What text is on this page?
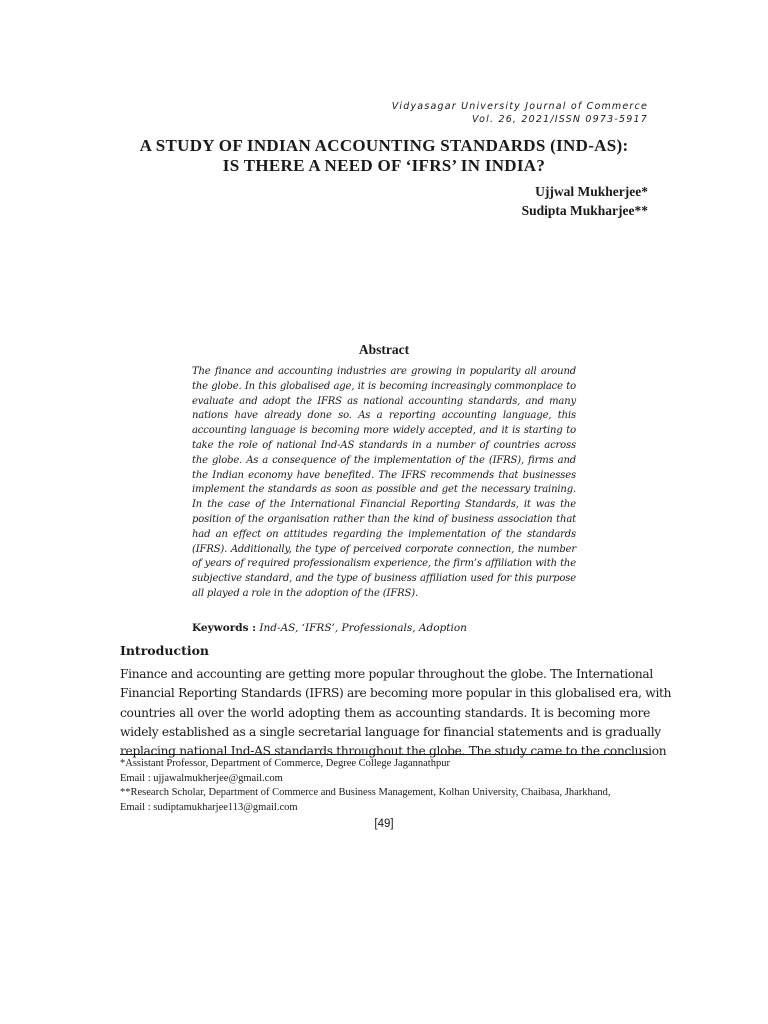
Vidyasagar University Journal of Commerce
Vol. 26, 2021/ISSN 0973-5917
A STUDY OF INDIAN ACCOUNTING STANDARDS (IND-AS):
IS THERE A NEED OF ‘IFRS’ IN INDIA?
Ujjwal Mukherjee*
Sudipta Mukharjee**
Abstract
The finance and accounting industries are growing in popularity all around the globe. In this globalised age, it is becoming increasingly commonplace to evaluate and adopt the IFRS as national accounting standards, and many nations have already done so. As a reporting accounting language, this accounting language is becoming more widely accepted, and it is starting to take the role of national Ind-AS standards in a number of countries across the globe. As a consequence of the implementation of the (IFRS), firms and the Indian economy have benefited. The IFRS recommends that businesses implement the standards as soon as possible and get the necessary training. In the case of the International Financial Reporting Standards, it was the position of the organisation rather than the kind of business association that had an effect on attitudes regarding the implementation of the standards (IFRS). Additionally, the type of perceived corporate connection, the number of years of required professionalism experience, the firm’s affiliation with the subjective standard, and the type of business affiliation used for this purpose all played a role in the adoption of the (IFRS).
Keywords : Ind-AS, ‘IFRS’, Professionals, Adoption
Introduction
Finance and accounting are getting more popular throughout the globe. The International
Financial Reporting Standards (IFRS) are becoming more popular in this globalised era, with
countries all over the world adopting them as accounting standards. It is becoming more
widely established as a single secretarial language for financial statements and is gradually
replacing national Ind-AS standards throughout the globe. The study came to the conclusion
*Assistant Professor, Department of Commerce, Degree College Jagannathpur
Email : ujjawalmukherjee@gmail.com
**Research Scholar, Department of Commerce and Business Management, Kolhan University, Chaibasa, Jharkhand,
Email : sudiptamukharjee113@gmail.com
[49]
